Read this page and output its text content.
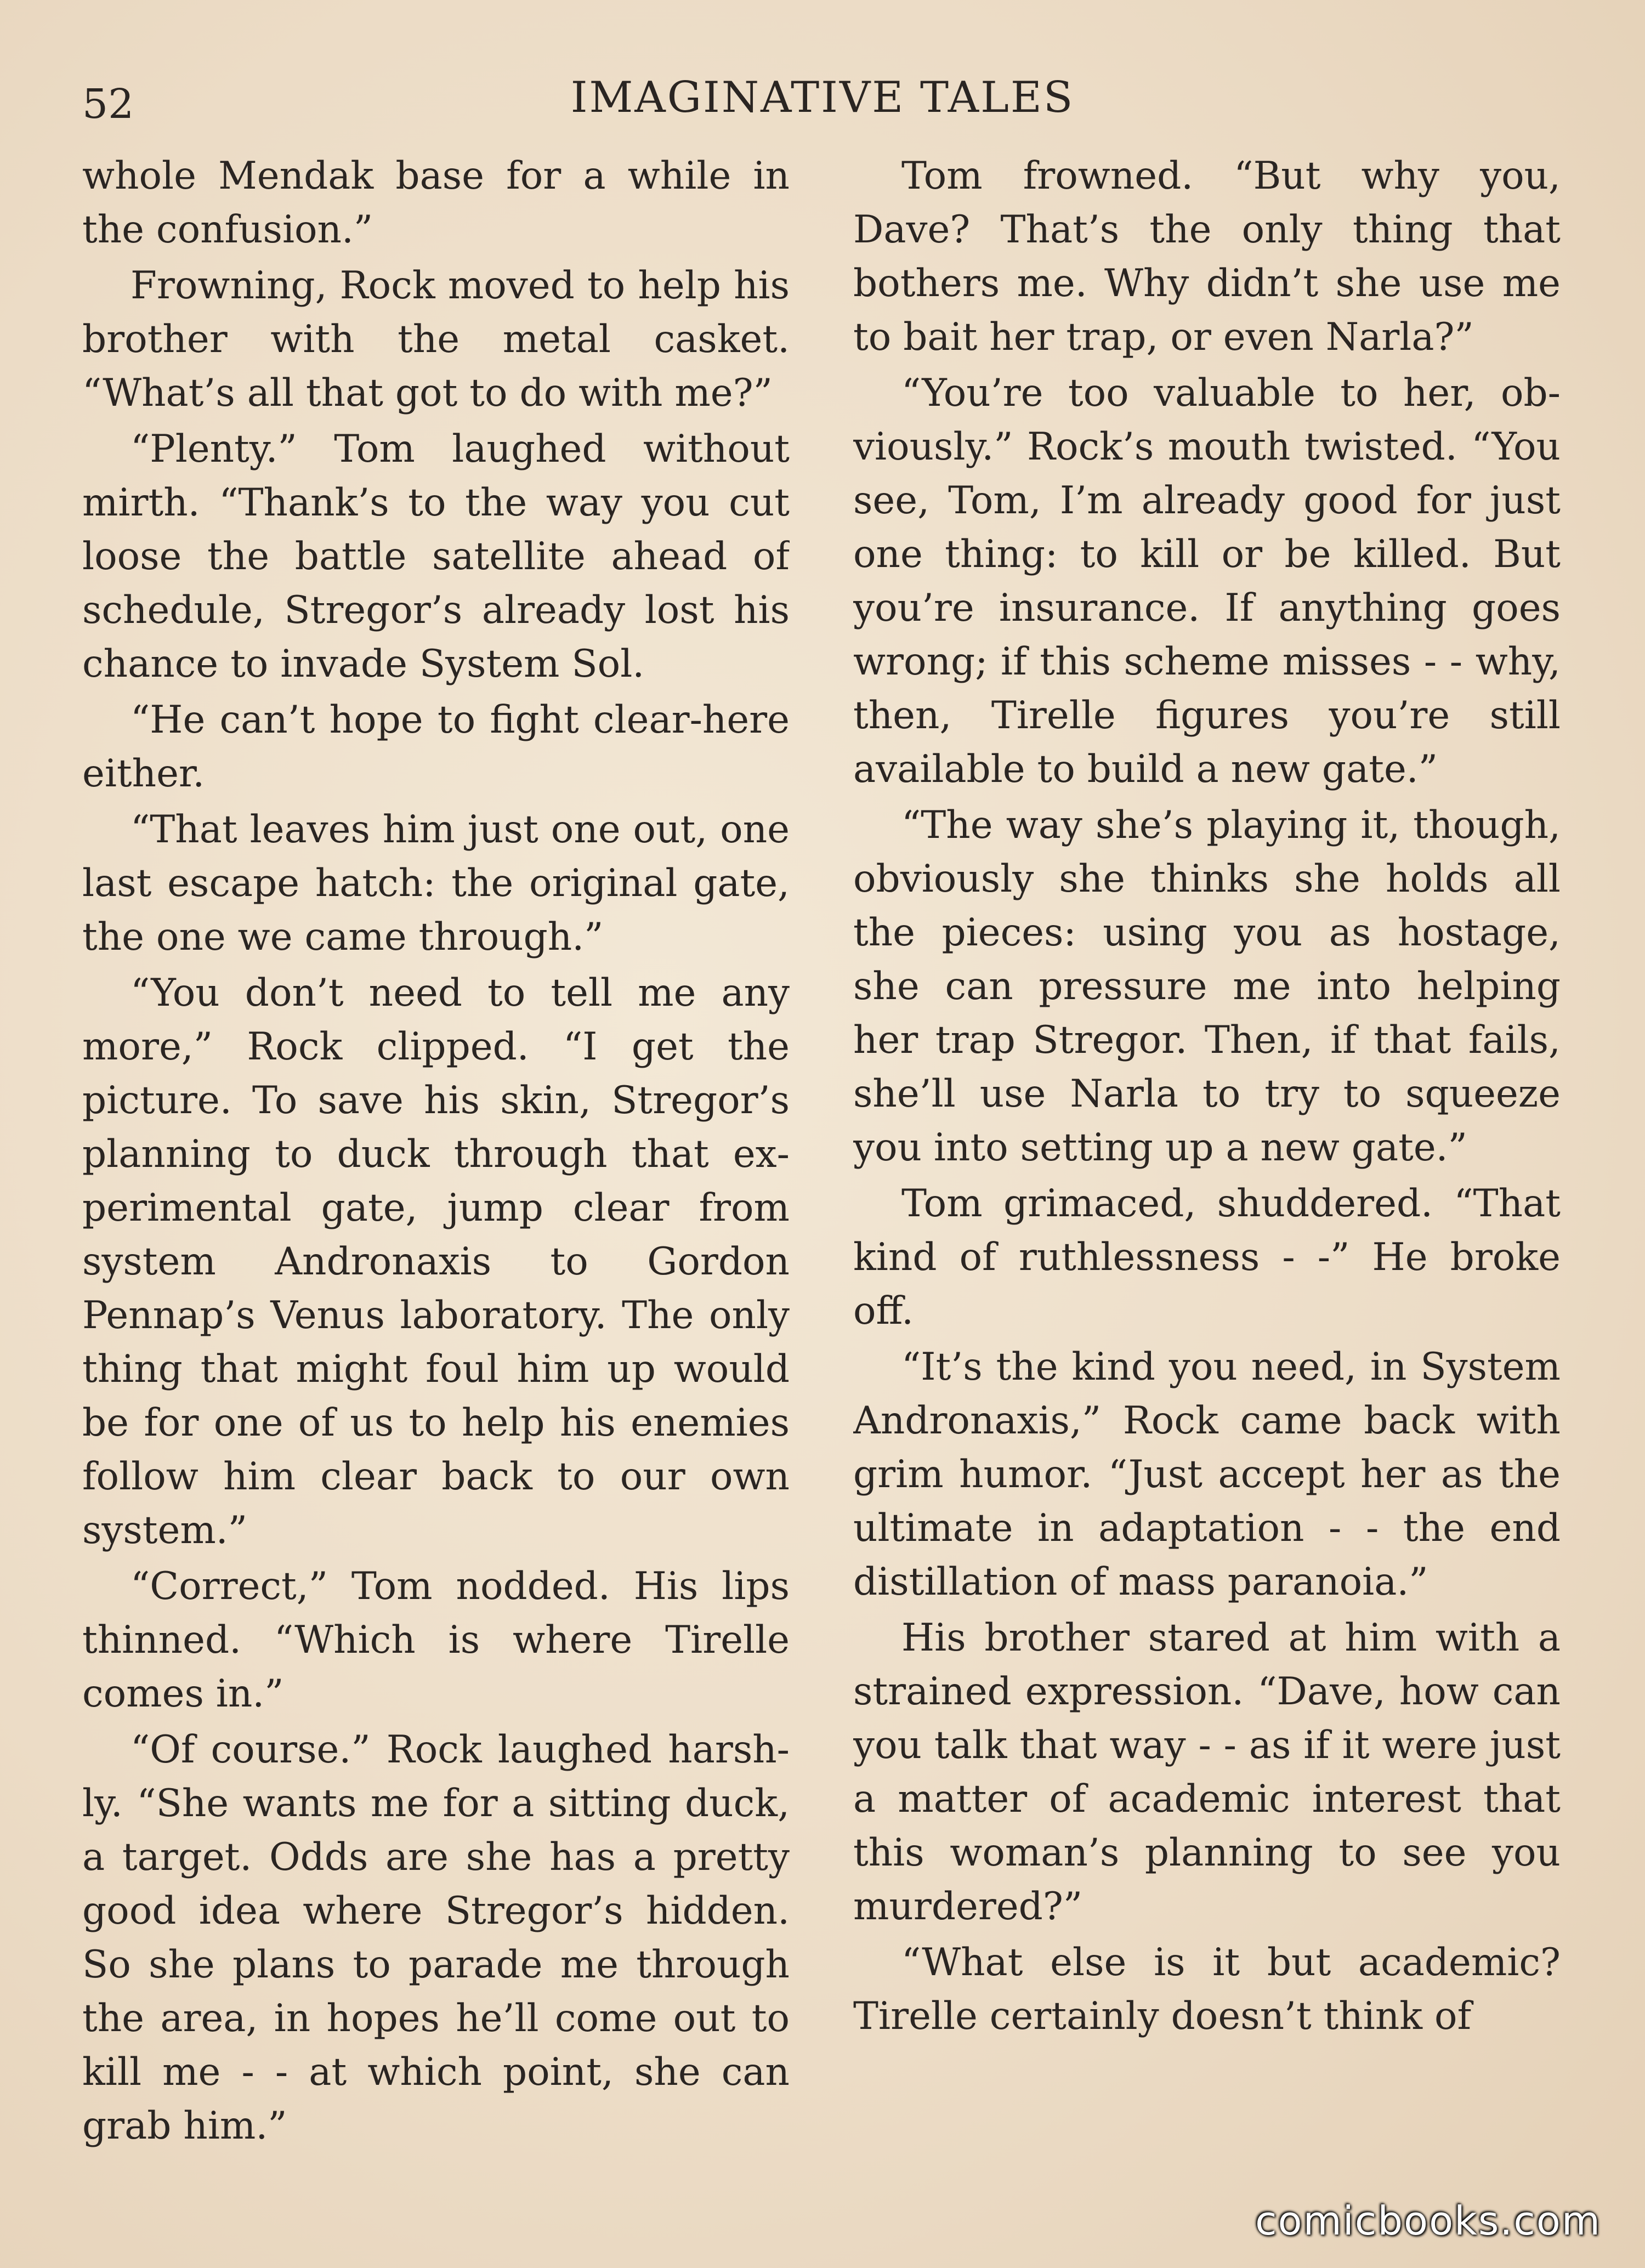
52	IMAGINATIVE TALES

whole Mendak base for a while in the confusion.”

Frowning, Rock moved to help his brother with the metal casket. “What’s all that got to do with me?”

“Plenty.” Tom laughed without mirth. “Thank’s to the way you cut loose the battle satellite ahead of schedule, Stregor’s already lost his chance to invade System Sol.

“He can’t hope to fight clear-here either.

“That leaves him just one out, one last escape hatch: the original gate, the one we came through.”

“You don’t need to tell me any more,” Rock clipped. “I get the picture. To save his skin, Stregor’s planning to duck through that experimental gate, jump clear from system Andronaxis to Gordon Pennap’s Venus laboratory. The only thing that might foul him up would be for one of us to help his enemies follow him clear back to our own system.”

“Correct,” Tom nodded. His lips thinned. “Which is where Tirelle comes in.”

“Of course.” Rock laughed harshly. “She wants me for a sitting duck, a target. Odds are she has a pretty good idea where Stregor’s hidden. So she plans to parade me through the area, in hopes he’ll come out to kill me - - at which point, she can grab him.”

Tom frowned. “But why you, Dave? That’s the only thing that bothers me. Why didn’t she use me to bait her trap, or even Narla?”

“You’re too valuable to her, obviously.” Rock’s mouth twisted. “You see, Tom, I’m already good for just one thing: to kill or be killed. But you’re insurance. If anything goes wrong; if this scheme misses - - why, then, Tirelle figures you’re still available to build a new gate.”

“The way she’s playing it, though, obviously she thinks she holds all the pieces: using you as hostage, she can pressure me into helping her trap Stregor. Then, if that fails, she’ll use Narla to try to squeeze you into setting up a new gate.”

Tom grimaced, shuddered. “That kind of ruthlessness - -” He broke off.

“It’s the kind you need, in System Andronaxis,” Rock came back with grim humor. “Just accept her as the ultimate in adaptation - - the end distillation of mass paranoia.”

His brother stared at him with a strained expression. “Dave, how can you talk that way - - as if it were just a matter of academic interest that this woman’s planning to see you murdered?”

“What else is it but academic? Tirelle certainly doesn’t think of

comicbooks.com
